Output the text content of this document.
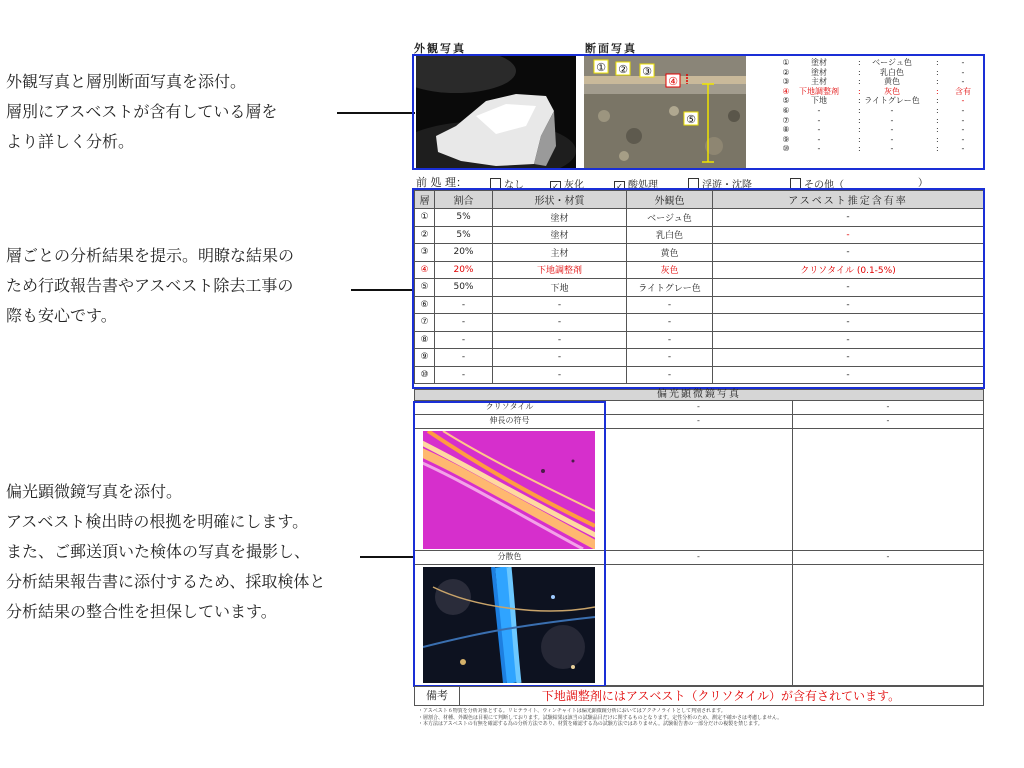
外観写真と層別断面写真を添付。
層別にアスベストが含有している層を
より詳しく分析。
層ごとの分析結果を提示。明瞭な結果の
ため行政報告書やアスベスト除去工事の
際も安心です。
偏光顕微鏡写真を添付。
アスベスト検出時の根拠を明確にします。
また、ご郵送頂いた検体の写真を撮影し、
分析結果報告書に添付するため、採取検体と
分析結果の整合性を担保しています。
外観写真	断面写真
① ② ③
④
⑤
①	塗材	:	ベージュ色	:	-
②	塗材	:	乳白色	:	-
③	主材	:	黄色	:	-
④	下地調整剤	:	灰色	:	含有
⑤	下地	: ライトグレー色 :	-
⑥	-	:	-	:	-
⑦	-	:	-	:	-
⑧	-	:	-	:	-
⑨	-	:	-	:	-
⑩	-	:	-	:	-
前 処 理：	なし	✓ 灰化	✓ 酸処理	浮遊・沈降	その他（	）
層	割合	形状・材質	外観色	アスベスト推定含有率
①	5%	塗材	ベージュ色	-
②	5%	塗材	乳白色	-
③	20%	主材	黄色	-
④	20%	下地調整剤	灰色	クリソタイル (0.1-5%)
⑤	50%	下地	ライトグレー色	-
⑥	-	-	-	-
⑦	-	-	-	-
⑧	-	-	-	-
⑨	-	-	-	-
⑩	-	-	-	-
偏光顕微鏡写真
クリソタイル	-	-
伸長の符号	-	-
分散色	-	-
備考	下地調整剤にはアスベスト（クリソタイル）が含有されています。
・アスベスト６物質を分析対象とする。リヒテライト、ウィンチャイトは偏光顕微鏡分析においてはアクチノライトとして判別されます。
・層割合、材種、外観色は目視にて判断しております。試験結果は該当の試験品目だけに関するものとなります。定性分析のため、測定不確かさは考慮しません。
・本方法はアスベストの有無を確認する為の分析方法であり、材質を確認する為の試験方法ではありません。試験報告書の一部分だけの複製を禁じます。
